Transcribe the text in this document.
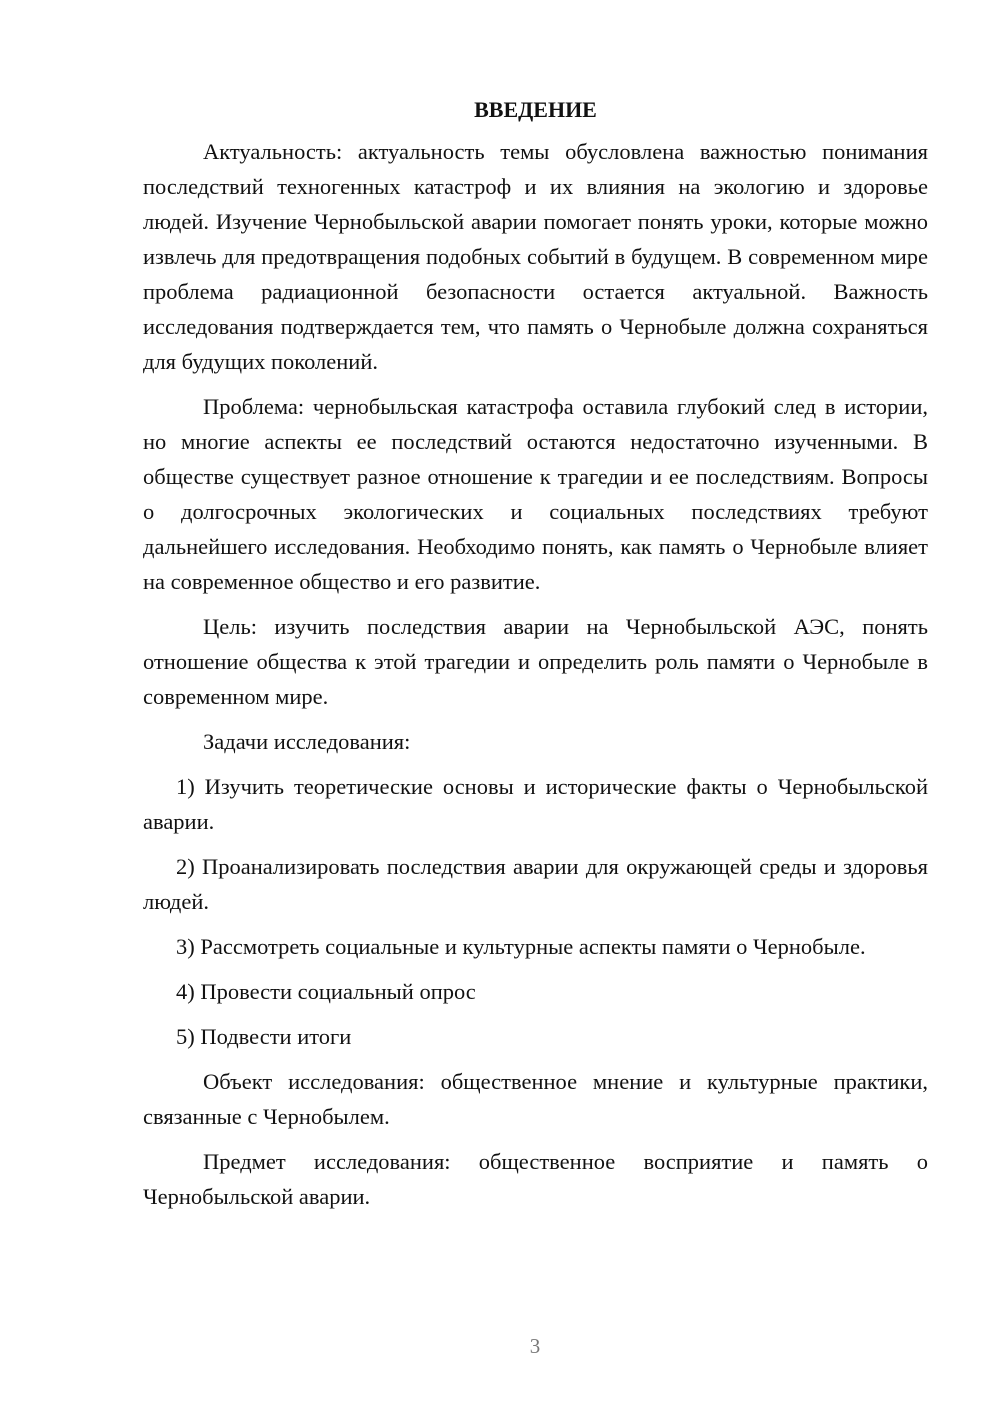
ВВЕДЕНИЕ

Актуальность: актуальность темы обусловлена важностью понимания последствий техногенных катастроф и их влияния на экологию и здоровье людей. Изучение Чернобыльской аварии помогает понять уроки, которые можно извлечь для предотвращения подобных событий в будущем. В современном мире проблема радиационной безопасности остается актуальной. Важность исследования подтверждается тем, что память о Чернобыле должна сохраняться для будущих поколений.

Проблема: чернобыльская катастрофа оставила глубокий след в истории, но многие аспекты ее последствий остаются недостаточно изученными. В обществе существует разное отношение к трагедии и ее последствиям. Вопросы о долгосрочных экологических и социальных последствиях требуют дальнейшего исследования. Необходимо понять, как память о Чернобыле влияет на современное общество и его развитие.

Цель: изучить последствия аварии на Чернобыльской АЭС, понять отношение общества к этой трагедии и определить роль памяти о Чернобыле в современном мире.

Задачи исследования:

1) Изучить теоретические основы и исторические факты о Чернобыльской аварии.

2) Проанализировать последствия аварии для окружающей среды и здоровья людей.

3) Рассмотреть социальные и культурные аспекты памяти о Чернобыле.

4) Провести социальный опрос

5) Подвести итоги

Объект исследования: общественное мнение и культурные практики, связанные с Чернобылем.

Предмет исследования: общественное восприятие и память о Чернобыльской аварии.

3
